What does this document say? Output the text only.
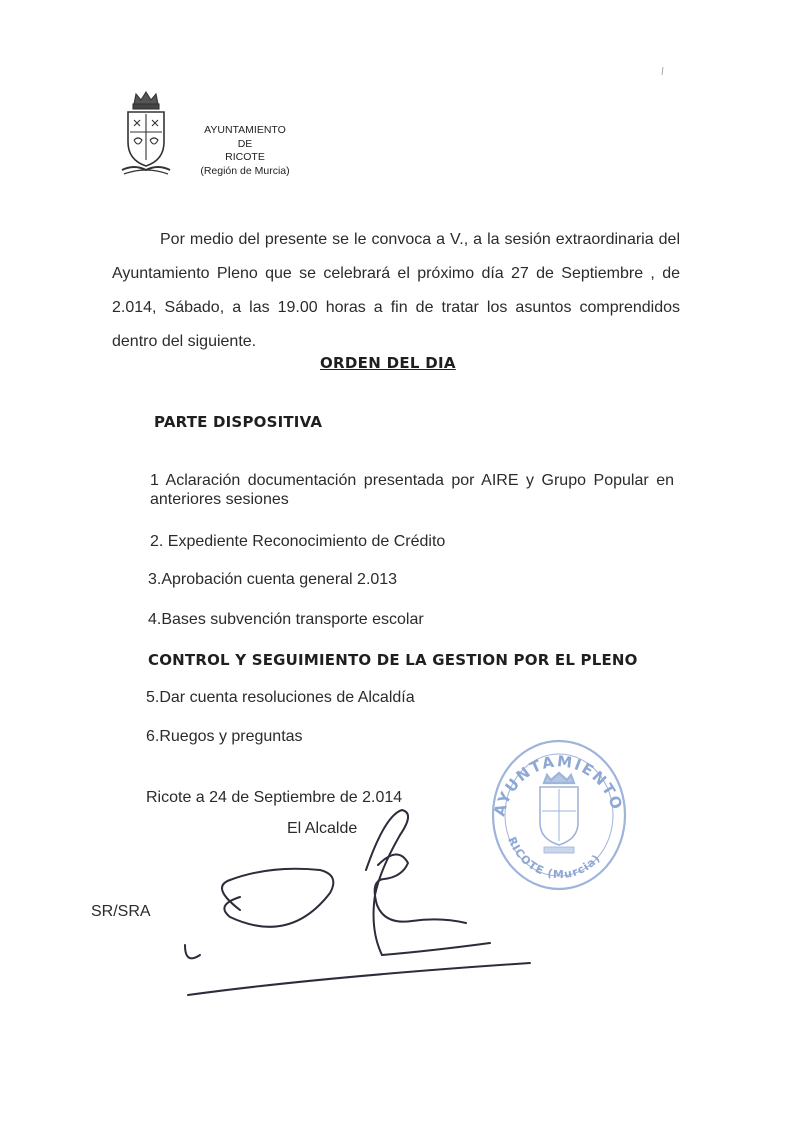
AYUNTAMIENTO
DE
RICOTE
(Región de Murcia)
Por medio del presente se le convoca a V., a la sesión extraordinaria del Ayuntamiento Pleno que se celebrará el próximo día 27 de Septiembre , de 2.014, Sábado, a las 19.00 horas a fin de tratar los asuntos comprendidos dentro del siguiente.
ORDEN DEL DIA
PARTE DISPOSITIVA
1 Aclaración documentación presentada por AIRE y Grupo Popular en anteriores sesiones
2. Expediente Reconocimiento de Crédito
3.Aprobación cuenta general 2.013
4.Bases subvención transporte escolar
CONTROL Y SEGUIMIENTO DE LA GESTION POR EL PLENO
5.Dar cuenta resoluciones de Alcaldía
6.Ruegos y preguntas
Ricote a 24 de Septiembre de 2.014
El Alcalde
AYUNTAMIENTO
RICOTE (Murcia)
SR/SRA
